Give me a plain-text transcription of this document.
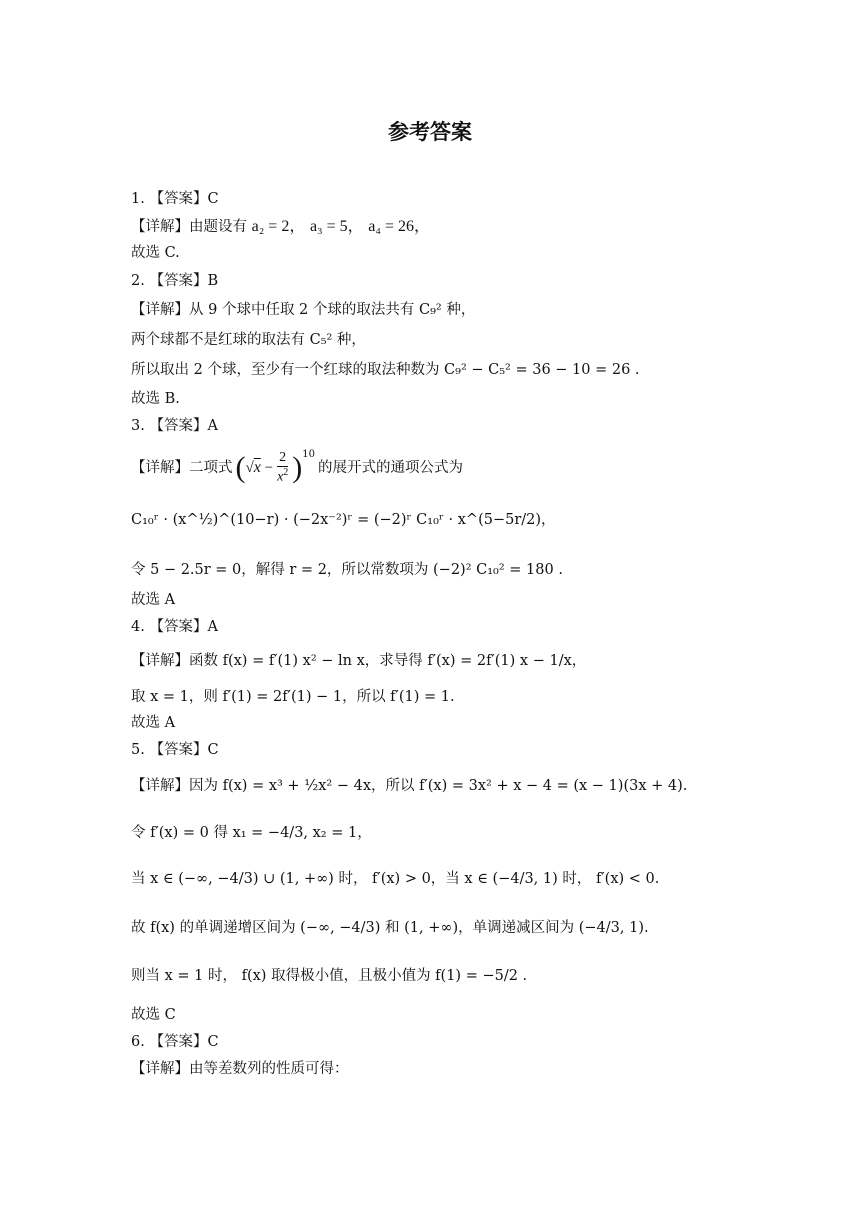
参考答案
1. 【答案】C
【详解】由题设有 a₂ = 2， a₃ = 5， a₄ = 26，
故选 C.
2. 【答案】B
【详解】从 9 个球中任取 2 个球的取法共有 C₉² 种，
两个球都不是红球的取法有 C₅² 种，
所以取出 2 个球，至少有一个红球的取法种数为 C₉² − C₅² = 36 − 10 = 26 .
故选 B.
3. 【答案】A
【详解】二项式 ( $√x - \frac{2}{x^2} )^{10}$
的展开式的通项公式为
C₁₀ʳ · (x^½)^(10−r) · (−2x⁻²)ʳ = (−2)ʳ C₁₀ʳ · x^(5−5r/2)，
令 5 − 2.5r = 0，解得 r = 2，所以常数项为 (−2)² C₁₀² = 180 .
故选 A
4. 【答案】A
【详解】函数 f(x) = f′(1) x² − ln x，求导得 f′(x) = 2f′(1) x − 1/x，
取 x = 1，则 f′(1) = 2f′(1) − 1，所以 f′(1) = 1.
故选 A
5. 【答案】C
【详解】因为 f(x) = x³ + ½x² − 4x，所以 f′(x) = 3x² + x − 4 = (x − 1)(3x + 4).
令 f′(x) = 0 得 x₁ = −4/3, x₂ = 1，
当 x ∈ (−∞, −4/3) ∪ (1, +∞) 时， f′(x) > 0，当 x ∈ (−4/3, 1) 时， f′(x) < 0.
故 f(x) 的单调递增区间为 (−∞, −4/3) 和 (1, +∞)，单调递减区间为 (−4/3, 1).
则当 x = 1 时， f(x) 取得极小值，且极小值为 f(1) = −5/2 .
故选 C
6. 【答案】C
【详解】由等差数列的性质可得：
